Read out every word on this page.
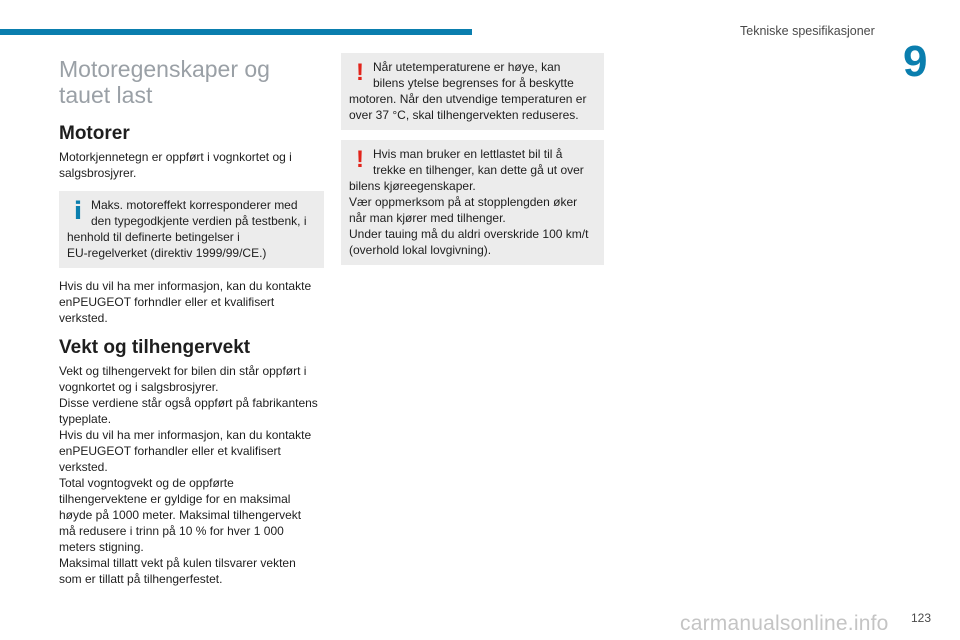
Tekniske spesifikasjoner
9
Motoregenskaper og
tauet last
Motorer

Motorkjennetegn er oppført i vognkortet og i
salgsbrosjyrer.

i Maks. motoreffekt korresponderer med
den typegodkjente verdien på testbenk, i
henhold til definerte betingelser i
EU-regelverket (direktiv 1999/99/CE.)

Hvis du vil ha mer informasjon, kan du kontakte
enPEUGEOT forhndler eller et kvalifisert
verksted.

Vekt og tilhengervekt

Vekt og tilhengervekt for bilen din står oppført i
vognkortet og i salgsbrosjyrer.
Disse verdiene står også oppført på fabrikantens
typeplate.
Hvis du vil ha mer informasjon, kan du kontakte
enPEUGEOT forhandler eller et kvalifisert
verksted.
Total vogntogvekt og de oppførte
tilhengervektene er gyldige for en maksimal
høyde på 1000 meter. Maksimal tilhengervekt
må redusere i trinn på 10 % for hver 1 000
meters stigning.
Maksimal tillatt vekt på kulen tilsvarer vekten
som er tillatt på tilhengerfestet.

! Når utetemperaturene er høye, kan
bilens ytelse begrenses for å beskytte
motoren. Når den utvendige temperaturen er
over 37 °C, skal tilhengervekten reduseres.
! Hvis man bruker en lettlastet bil til å
trekke en tilhenger, kan dette gå ut over
bilens kjøreegenskaper.
Vær oppmerksom på at stopplengden øker
når man kjører med tilhenger.
Under tauing må du aldri overskride 100 km/t
(overhold lokal lovgivning).
carmanualsonline.info 123
